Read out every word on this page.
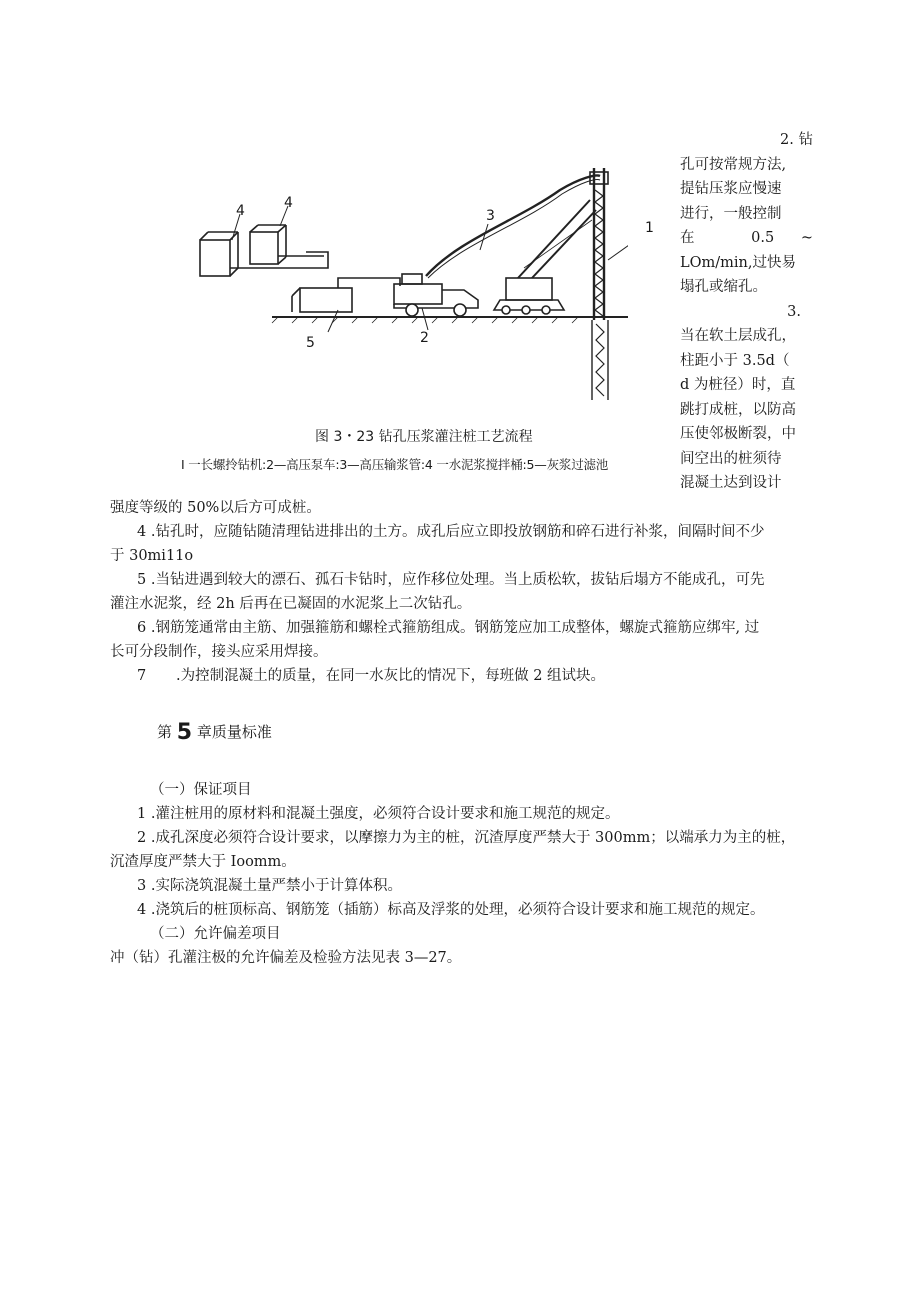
4	4
3
1
5	2
图 3・23 钻孔压浆灌注桩工艺流程
I 一长螺拎钻机:2—高压泵车:3—高压输浆管:4 一水泥浆搅拌桶:5—灰浆过滤池
2. 钻
孔可按常规方法,
提钻压浆应慢速
进行，一般控制
在	0.5 ~
LOm/min,过快易
塌孔或缩孔。
3.
当在软土层成孔，
柱距小于 3.5d（
d 为桩径）时，直
跳打成桩，以防高
压使邻极断裂，中
间空出的桩须待
混凝土达到设计
强度等级的 50%以后方可成桩。
4 .钻孔时，应随钻随清理钻进排出的土方。成孔后应立即投放钢筋和碎石进行补浆，间隔时间不少
于 30mi11o
5 .当钻进遇到较大的漂石、孤石卡钻时，应作移位处理。当上质松软，拔钻后塌方不能成孔，可先
灌注水泥浆，经 2h 后再在已凝固的水泥浆上二次钻孔。
6 .钢筋笼通常由主筋、加强箍筋和螺栓式箍筋组成。钢筋笼应加工成整体，螺旋式箍筋应绑牢, 过
长可分段制作，接头应采用焊接。
7 .为控制混凝土的质量，在同一水灰比的情况下，每班做 2 组试块。
第 5 章质量标准
（一）保证项目
1 .灌注桩用的原材料和混凝土强度，必须符合设计要求和施工规范的规定。
2 .成孔深度必须符合设计要求，以摩擦力为主的桩，沉渣厚度严禁大于 300mm；以端承力为主的桩，
沉渣厚度严禁大于 Ioomm。
3 .实际浇筑混凝土量严禁小于计算体积。
4 .浇筑后的桩顶标高、钢筋笼（插筋）标高及浮浆的处理，必须符合设计要求和施工规范的规定。
（二）允许偏差项目
冲（钻）孔灌注极的允许偏差及检验方法见表 3—27。
